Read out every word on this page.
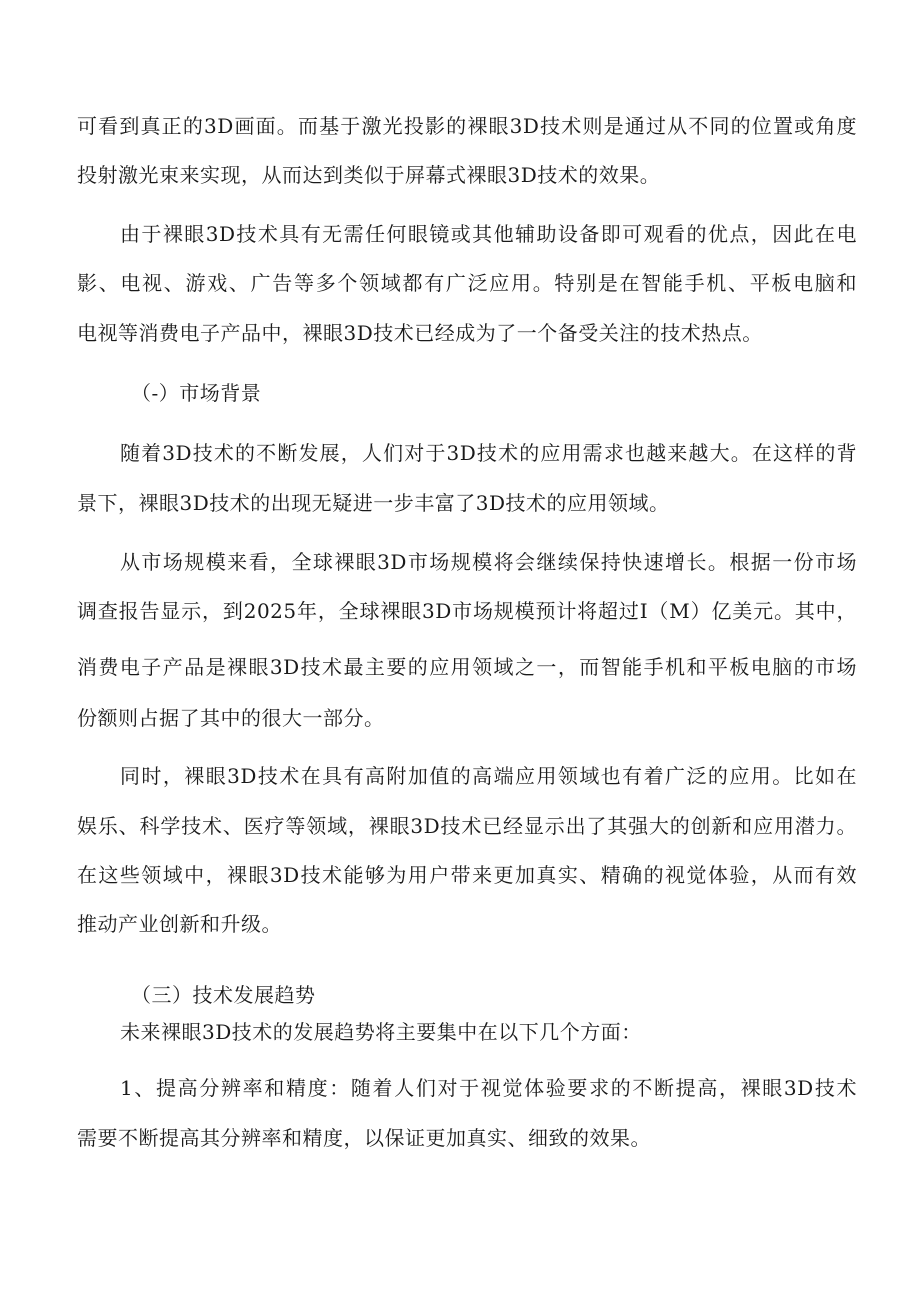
可看到真正的3D画面。而基于激光投影的裸眼3D技术则是通过从不同的位置或角度
投射激光束来实现，从而达到类似于屏幕式裸眼3D技术的效果。
由于裸眼3D技术具有无需任何眼镜或其他辅助设备即可观看的优点，因此在电
影、电视、游戏、广告等多个领域都有广泛应用。特别是在智能手机、平板电脑和
电视等消费电子产品中，裸眼3D技术已经成为了一个备受关注的技术热点。
（-）市场背景
随着3D技术的不断发展，人们对于3D技术的应用需求也越来越大。在这样的背
景下，裸眼3D技术的出现无疑进一步丰富了3D技术的应用领域。
从市场规模来看，全球裸眼3D市场规模将会继续保持快速增长。根据一份市场
调查报告显示，到2025年，全球裸眼3D市场规模预计将超过I（M）亿美元。其中，
消费电子产品是裸眼3D技术最主要的应用领域之一，而智能手机和平板电脑的市场
份额则占据了其中的很大一部分。
同时，裸眼3D技术在具有高附加值的高端应用领域也有着广泛的应用。比如在
娱乐、科学技术、医疗等领域，裸眼3D技术已经显示出了其强大的创新和应用潜力。
在这些领域中，裸眼3D技术能够为用户带来更加真实、精确的视觉体验，从而有效
推动产业创新和升级。
（三）技术发展趋势
未来裸眼3D技术的发展趋势将主要集中在以下几个方面：
1、提高分辨率和精度：随着人们对于视觉体验要求的不断提高，裸眼3D技术
需要不断提高其分辨率和精度，以保证更加真实、细致的效果。
